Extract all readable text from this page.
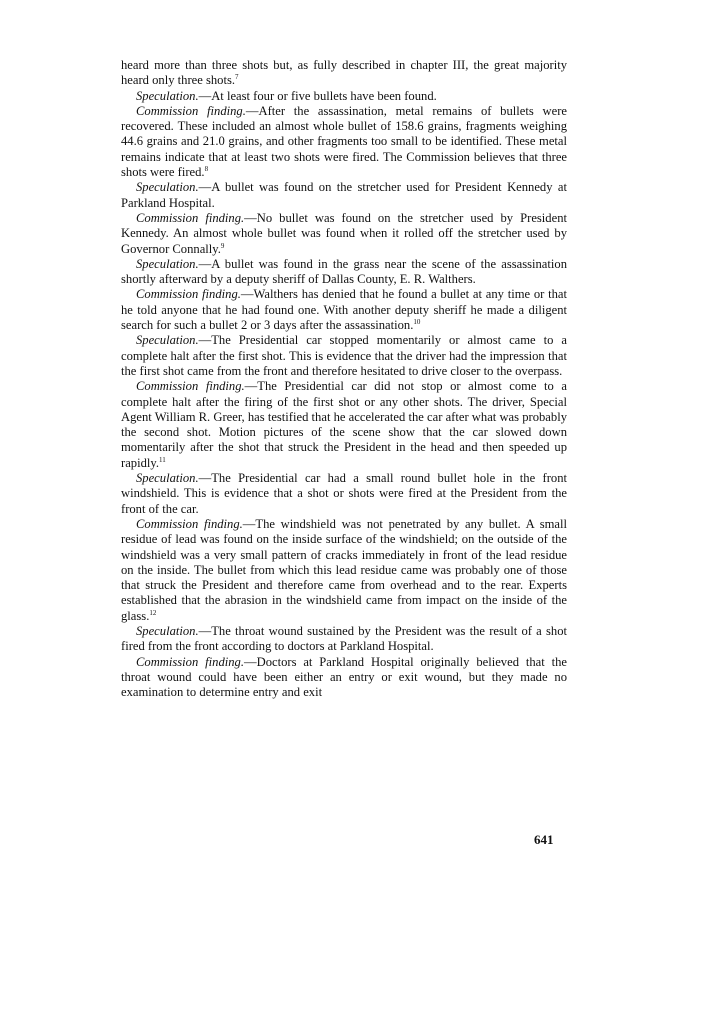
heard more than three shots but, as fully described in chapter III, the great majority heard only three shots.$^7$

Speculation.—At least four or five bullets have been found.

Commission finding.—After the assassination, metal remains of bullets were recovered. These included an almost whole bullet of 158.6 grains, fragments weighing 44.6 grains and 21.0 grains, and other fragments too small to be identified. These metal remains indicate that at least two shots were fired. The Commission believes that three shots were fired.$^8$

Speculation.—A bullet was found on the stretcher used for President Kennedy at Parkland Hospital.

Commission finding.—No bullet was found on the stretcher used by President Kennedy. An almost whole bullet was found when it rolled off the stretcher used by Governor Connally.$^9$

Speculation.—A bullet was found in the grass near the scene of the assassination shortly afterward by a deputy sheriff of Dallas County, E. R. Walthers.

Commission finding.—Walthers has denied that he found a bullet at any time or that he told anyone that he had found one. With another deputy sheriff he made a diligent search for such a bullet 2 or 3 days after the assassination.$^{10}$

Speculation.—The Presidential car stopped momentarily or almost came to a complete halt after the first shot. This is evidence that the driver had the impression that the first shot came from the front and therefore hesitated to drive closer to the overpass.

Commission finding.—The Presidential car did not stop or almost come to a complete halt after the firing of the first shot or any other shots. The driver, Special Agent William R. Greer, has testified that he accelerated the car after what was probably the second shot. Motion pictures of the scene show that the car slowed down momentarily after the shot that struck the President in the head and then speeded up rapidly.$^{11}$

Speculation.—The Presidential car had a small round bullet hole in the front windshield. This is evidence that a shot or shots were fired at the President from the front of the car.

Commission finding.—The windshield was not penetrated by any bullet. A small residue of lead was found on the inside surface of the windshield; on the outside of the windshield was a very small pattern of cracks immediately in front of the lead residue on the inside. The bullet from which this lead residue came was probably one of those that struck the President and therefore came from overhead and to the rear. Experts established that the abrasion in the windshield came from impact on the inside of the glass.$^{12}$

Speculation.—The throat wound sustained by the President was the result of a shot fired from the front according to doctors at Parkland Hospital.

Commission finding.—Doctors at Parkland Hospital originally believed that the throat wound could have been either an entry or exit wound, but they made no examination to determine entry and exit

641
